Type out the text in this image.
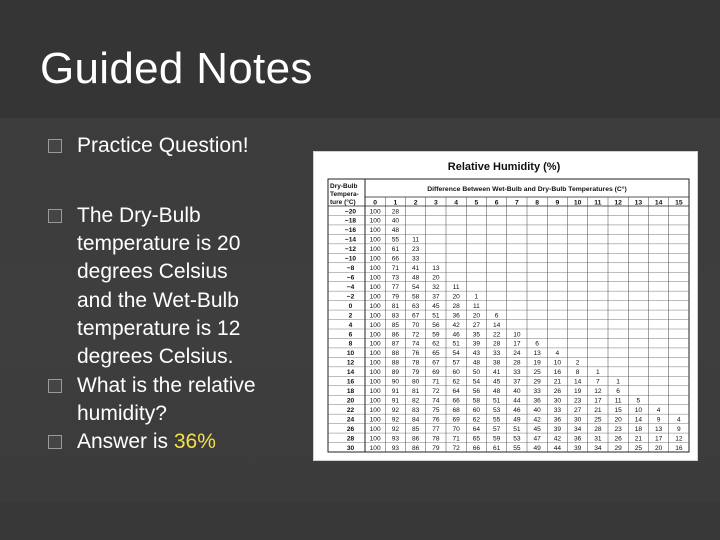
Guided Notes
Practice Question!
The Dry-Bulb
temperature is 20
degrees Celsius
and the Wet-Bulb
temperature is 12
degrees Celsius.
What is the relative
humidity?
Answer is 36%
Relative Humidity (%)
Dry-Bulb
Tempera-
ture (°C)
Difference Between Wet-Bulb and Dry-Bulb Temperatures (C°)
0 1 2 3 4 5 6 7 8 9 10 11 12 13 14 15
−20 100 28
−18 100 40
−16 100 48
−14 100 55 11
−12 100 61 23
−10 100 66 33
−8 100 71 41 13
−6 100 73 48 20
−4 100 77 54 32 11
−2 100 79 58 37 20 1
0	100 81 63 45 28 11
2	100 83 67 51 36 20 6
4	100 85 70 56 42 27 14
6	100 86 72 59 46 35 22 10
8	100 87 74 62 51 39 28 17 6
10 100 88 76 65 54 43 33 24 13 4
12 100 88 78 67 57 48 38 28 19 10 2
14 100 89 79 69 60 50 41 33 25 16 8	1
16 100 90 80 71 62 54 45 37 29 21 14 7	1
18 100 91 81 72 64 56 48 40 33 26 19 12 6
20 100 91 82 74 66 58 51 44 36 30 23 17 11 5
22 100 92 83 75 68 60 53 46 40 33 27 21 15 10 4
24 100 92 84 76 69 62 55 49 42 36 30 25 20 14 9	4
26 100 92 85 77 70 64 57 51 45 39 34 28 23 18 13 9
28 100 93 86 78 71 65 59 53 47 42 36 31 26 21 17 12
30 100 93 86 79 72 66 61 55 49 44 39 34 29 25 20 16
